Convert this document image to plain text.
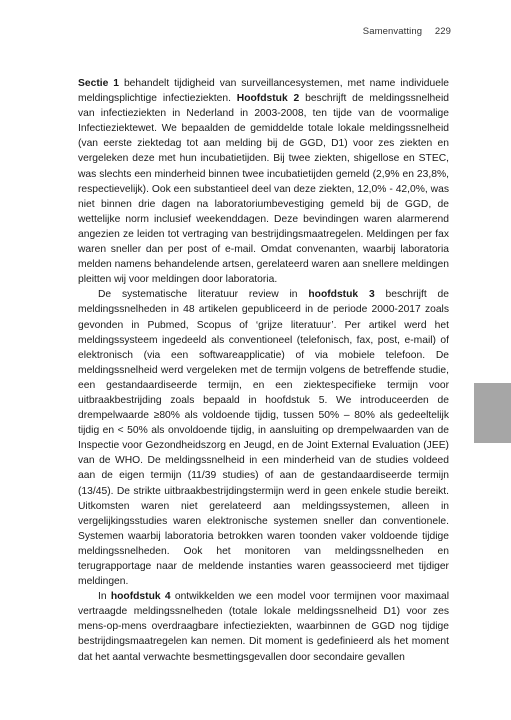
Samenvatting 229

Sectie 1 behandelt tijdigheid van surveillancesystemen, met name individuele meldingsplichtige infectieziekten. Hoofdstuk 2 beschrijft de meldingssnelheid van infectieziekten in Nederland in 2003-2008, ten tijde van de voormalige Infectieziektewet. We bepaalden de gemiddelde totale lokale meldingssnelheid (van eerste ziektedag tot aan melding bij de GGD, D1) voor zes ziekten en vergeleken deze met hun incubatietijden. Bij twee ziekten, shigellose en STEC, was slechts een minderheid binnen twee incubatietijden gemeld (2,9% en 23,8%, respectievelijk). Ook een substantieel deel van deze ziekten, 12,0% - 42,0%, was niet binnen drie dagen na laboratoriumbevestiging gemeld bij de GGD, de wettelijke norm inclusief weekenddagen. Deze bevindingen waren alarmerend angezien ze leiden tot vertraging van bestrijdingsmaatregelen. Meldingen per fax waren sneller dan per post of e-mail. Omdat convenanten, waarbij laboratoria melden namens behandelende artsen, gerelateerd waren aan snellere meldingen pleitten wij voor meldingen door laboratoria.

De systematische literatuur review in hoofdstuk 3 beschrijft de meldingssnelheden in 48 artikelen gepubliceerd in de periode 2000-2017 zoals gevonden in Pubmed, Scopus of ‘grijze literatuur’. Per artikel werd het meldingssysteem ingedeeld als conventioneel (telefonisch, fax, post, e-mail) of elektronisch (via een softwareapplicatie) of via mobiele telefoon. De meldingssnelheid werd vergeleken met de termijn volgens de betreffende studie, een gestandaardiseerde termijn, en een ziektespecifieke termijn voor uitbraakbestrijding zoals bepaald in hoofdstuk 5. We introduceerden de drempelwaarde ≥80% als voldoende tijdig, tussen 50% – 80% als gedeeltelijk tijdig en < 50% als onvoldoende tijdig, in aansluiting op drempelwaarden van de Inspectie voor Gezondheidszorg en Jeugd, en de Joint External Evaluation (JEE) van de WHO. De meldingssnelheid in een minderheid van de studies voldeed aan de eigen termijn (11/39 studies) of aan de gestandaardiseerde termijn (13/45). De strikte uitbraakbestrijdingstermijn werd in geen enkele studie bereikt. Uitkomsten waren niet gerelateerd aan meldingssystemen, alleen in vergelijkingsstudies waren elektronische systemen sneller dan conventionele. Systemen waarbij laboratoria betrokken waren toonden vaker voldoende tijdige meldingssnelheden. Ook het monitoren van meldingssnelheden en terugrapportage naar de meldende instanties waren geassocieerd met tijdiger meldingen.

In hoofdstuk 4 ontwikkelden we een model voor termijnen voor maximaal vertraagde meldingssnelheden (totale lokale meldingssnelheid D1) voor zes mens-op-mens overdraagbare infectieziekten, waarbinnen de GGD nog tijdige bestrijdingsmaatregelen kan nemen. Dit moment is gedefinieerd als het moment dat het aantal verwachte besmettingsgevallen door secondaire gevallen
